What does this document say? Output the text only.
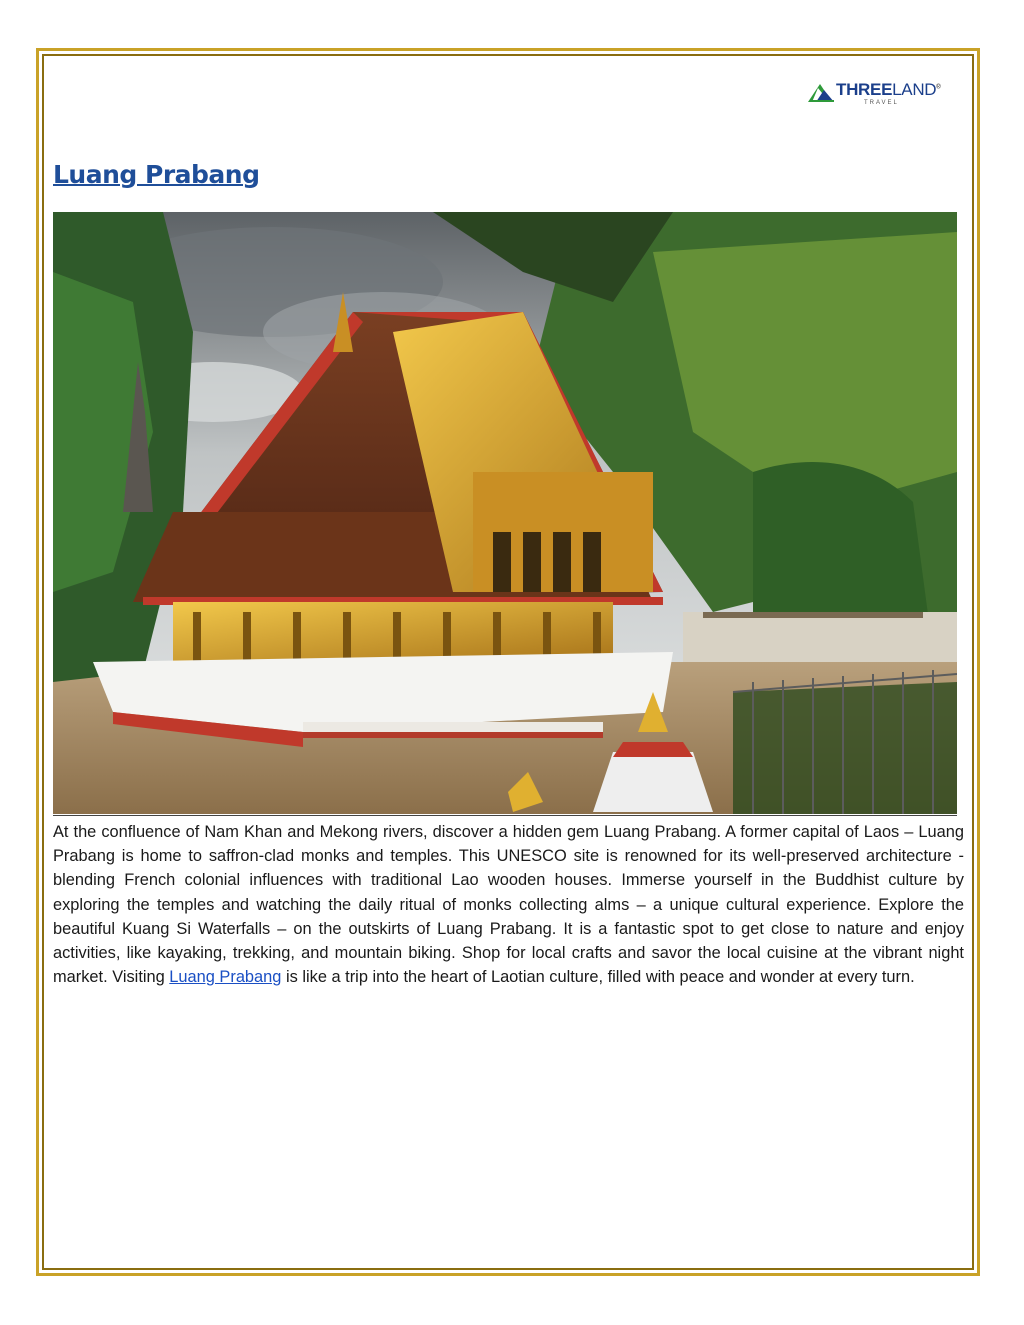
THREELAND®
TRAVEL
Luang Prabang
At the confluence of Nam Khan and Mekong rivers, discover a hidden gem Luang Prabang. A former capital of Laos – Luang Prabang is home to saffron-clad monks and temples. This UNESCO site is renowned for its well-preserved architecture - blending French colonial influences with traditional Lao wooden houses. Immerse yourself in the Buddhist culture by exploring the temples and watching the daily ritual of monks collecting alms – a unique cultural experience. Explore the beautiful Kuang Si Waterfalls – on the outskirts of Luang Prabang. It is a fantastic spot to get close to nature and enjoy activities, like kayaking, trekking, and mountain biking. Shop for local crafts and savor the local cuisine at the vibrant night market. Visiting Luang Prabang is like a trip into the heart of Laotian culture, filled with peace and wonder at every turn.
